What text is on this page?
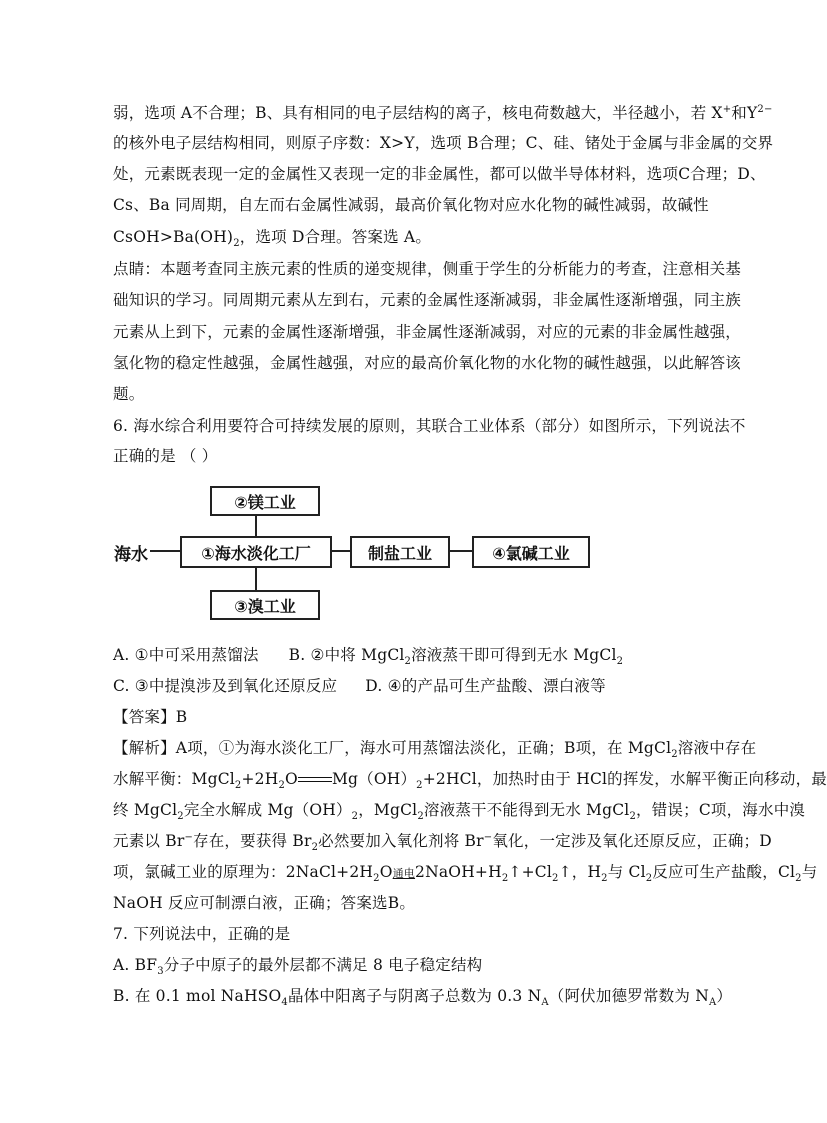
弱，选项 A不合理；B、具有相同的电子层结构的离子，核电荷数越大，半径越小，若 X+和$Y^{2-}$
的核外电子层结构相同，则原子序数：X>Y，选项 B合理；C、硅、锗处于金属与非金属的交界
处，元素既表现一定的金属性又表现一定的非金属性，都可以做半导体材料，选项C合理；D、
Cs、Ba 同周期，自左而右金属性减弱，最高价氧化物对应水化物的碱性减弱，故碱性
$CsOH>Ba(OH)_2$，选项 D合理。答案选 A。
点睛：本题考查同主族元素的性质的递变规律，侧重于学生的分析能力的考查，注意相关基
础知识的学习。同周期元素从左到右，元素的金属性逐渐减弱，非金属性逐渐增强，同主族
元素从上到下，元素的金属性逐渐增强，非金属性逐渐减弱，对应的元素的非金属性越强，
氢化物的稳定性越强，金属性越强，对应的最高价氧化物的水化物的碱性越强，以此解答该
题。
6. 海水综合利用要符合可持续发展的原则，其联合工业体系（部分）如图所示，下列说法不
正确的是 （ ）
海水	①海水淡化工厂
②镁工业
③溴工业
制盐工业	④氯碱工业
A. ①中可采用蒸馏法 B. ②中将 MgCl$_2$溶液蒸干即可得到无水 MgCl$_2$
C. ③中提溴涉及到氧化还原反应 D. ④的产品可生产盐酸、漂白液等
【答案】B
【解析】A项，①为海水淡化工厂，海水可用蒸馏法淡化，正确；B项，在 MgCl$_2$溶液中存在
水解平衡：$MgCl_2+2H_2O$ $Mg(OH)_2+2HCl$，加热时由于 HCl的挥发，水解平衡正向移动，最
终 MgCl$_2$完全水解成 $Mg(OH)_2$，MgCl$_2$溶液蒸干不能得到无水 MgCl$_2$，错误；C项，海水中溴
元素以 Br−存在，要获得 $Br_2$必然要加入氧化剂将 Br−氧化，一定涉及氧化还原反应，正确；D
项，氯碱工业的原理为：$2NaCl+2H_2O$通电$2NaOH+H_2↑+Cl_2↑$，$H_2$与 $Cl_2$反应可生产盐酸，$Cl_2$与
NaOH 反应可制漂白液，正确；答案选B。
7. 下列说法中，正确的是
A. $BF_3$分子中原子的最外层都不满足 8 电子稳定结构
B. 在 0.1 mol NaHSO$_4$晶体中阳离子与阴离子总数为 0.3 $N_A$（阿伏加德罗常数为 $N_A$）
